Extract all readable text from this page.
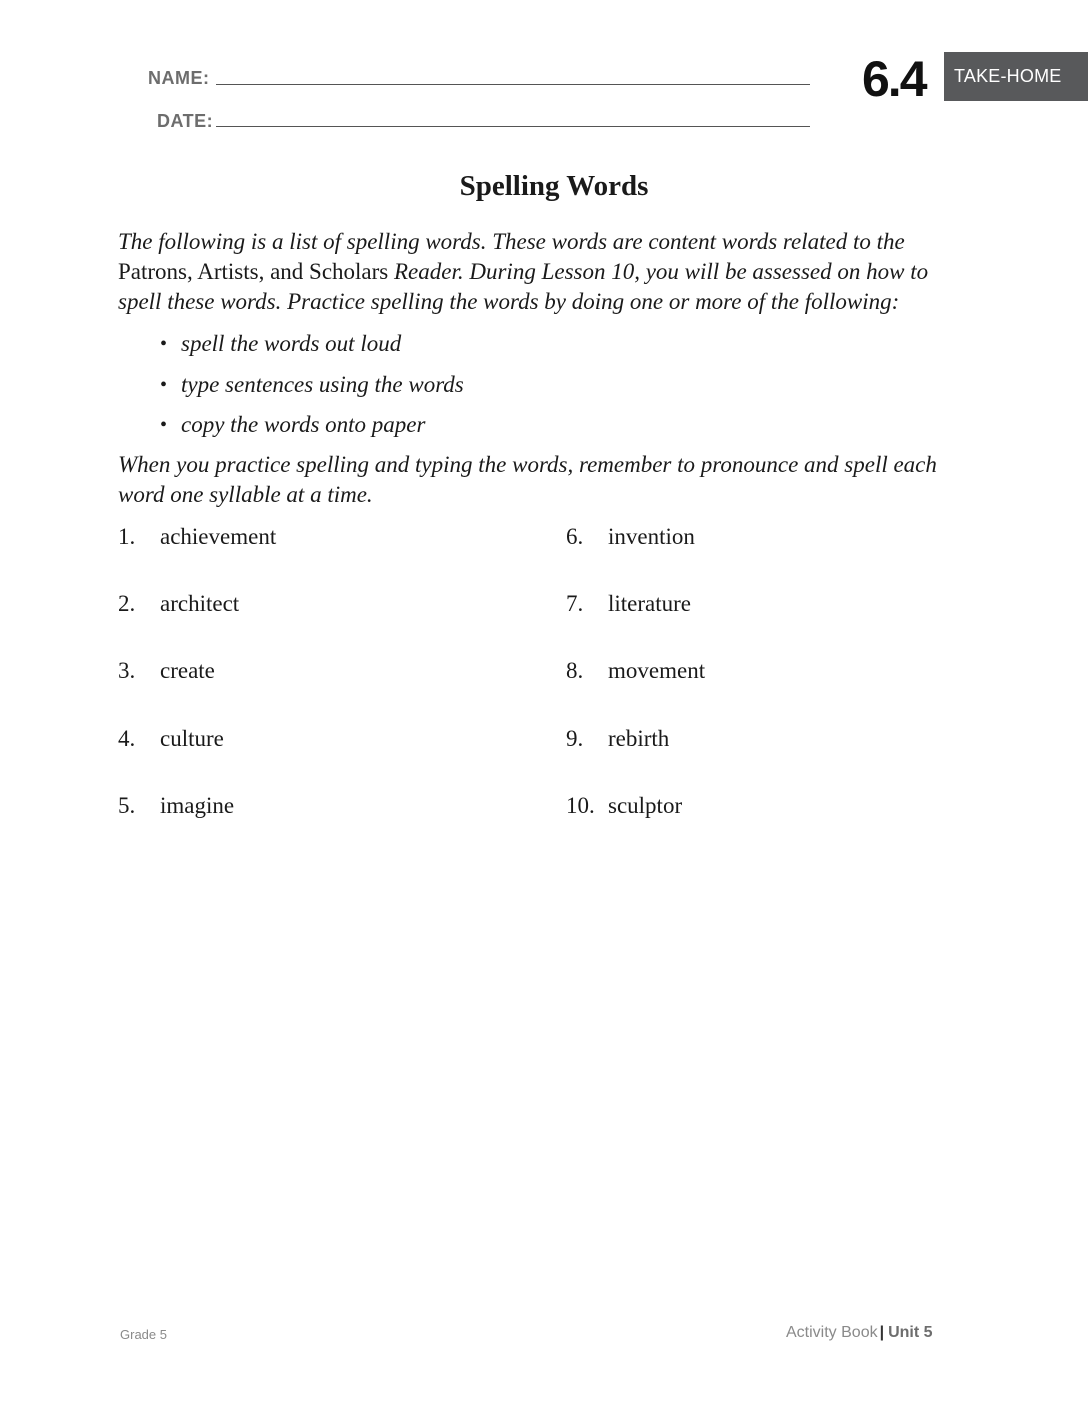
NAME:
DATE:
6.4	TAKE-HOME
Spelling Words
The following is a list of spelling words. These words are content words related to the
Patrons, Artists, and Scholars Reader. During Lesson 10, you will be assessed on how to spell these words. Practice spelling the words by doing one or more of the following:
• spell the words out loud
• type sentences using the words
• copy the words onto paper
When you practice spelling and typing the words, remember to pronounce and spell each word one syllable at a time.
1. achievement
2. architect
3. create
4. culture
5. imagine
6. invention
7. literature
8. movement
9. rebirth
10. sculptor
Grade 5	Activity Book | Unit 5
